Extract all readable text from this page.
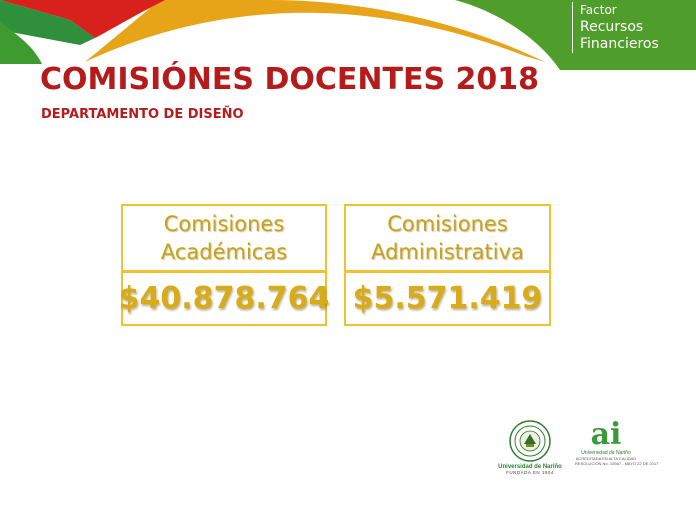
Factor
Recursos
Financieros
COMISIÓNES DOCENTES 2018
DEPARTAMENTO DE DISEÑO
Comisiones
Académicas
$40.878.764
Comisiones
Administrativa
$5.571.419
Universidad de Nariño
FUNDADA EN 1904
ai
Universidad de Nariño
ACREDITADA EN ALTA CALIDAD
RESOLUCIÓN No. 10567 - MAYO 22 DE 2017
